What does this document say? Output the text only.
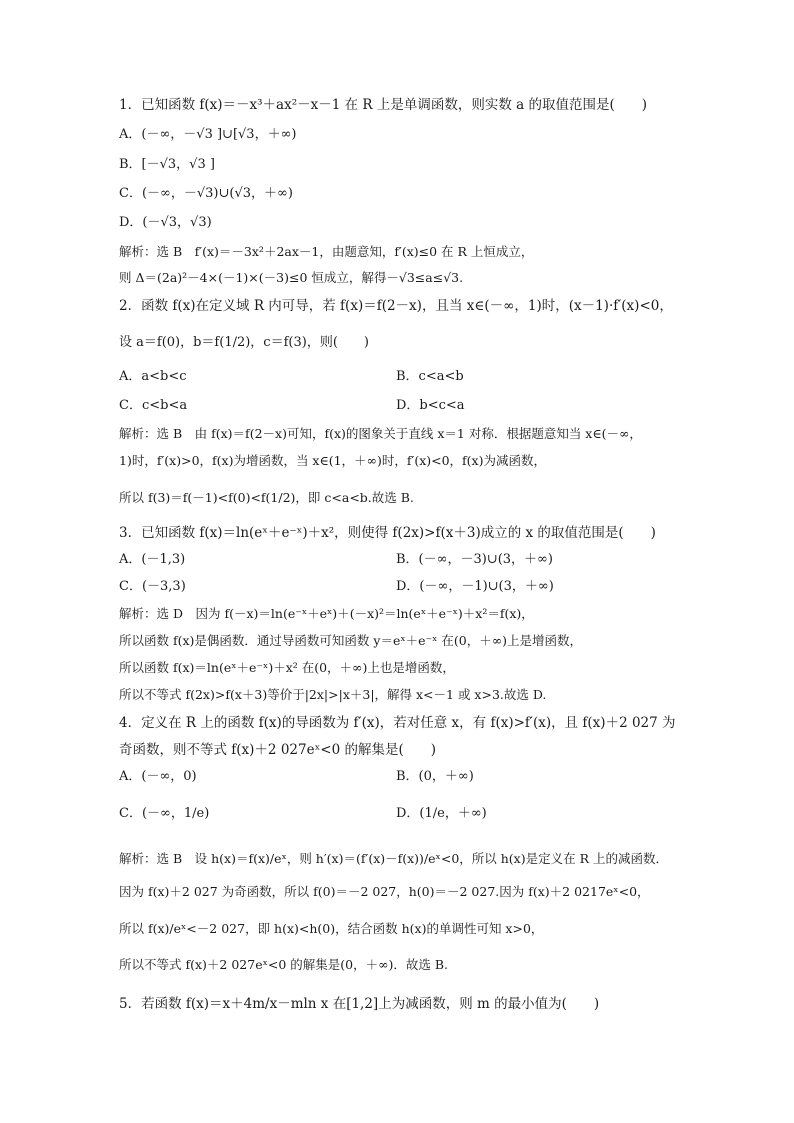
1．已知函数 f(x)＝－x³＋ax²－x－1 在 R 上是单调函数，则实数 a 的取值范围是(　　)
A．(－∞，－√3 ]∪[√3，＋∞)
B．[－√3，√3 ]
C．(－∞，－√3)∪(√3，＋∞)
D．(－√3，√3)
解析：选 B　f′(x)＝－3x²＋2ax－1，由题意知，f′(x)≤0 在 R 上恒成立，
则 Δ＝(2a)²－4×(－1)×(－3)≤0 恒成立，解得－√3≤a≤√3.
2．函数 f(x)在定义域 R 内可导，若 f(x)＝f(2－x)，且当 x∈(－∞，1)时，(x－1)·f′(x)<0，
设 a＝f(0)，b＝f(1/2)，c＝f(3)，则(　　)
A．a<b<c	B．c<a<b
C．c<b<a	D．b<c<a
解析：选 B　由 f(x)＝f(2－x)可知，f(x)的图象关于直线 x＝1 对称．根据题意知当 x∈(－∞，
1)时，f′(x)>0，f(x)为增函数，当 x∈(1，＋∞)时，f′(x)<0，f(x)为减函数，
所以 f(3)＝f(－1)<f(0)<f(1/2)，即 c<a<b.故选 B.
3．已知函数 f(x)＝ln(eˣ＋e⁻ˣ)＋x²，则使得 f(2x)>f(x＋3)成立的 x 的取值范围是(　　)
A．(－1,3)	B．(－∞，－3)∪(3，＋∞)
C．(－3,3)	D．(－∞，－1)∪(3，＋∞)
解析：选 D　因为 f(－x)＝ln(e⁻ˣ＋eˣ)＋(－x)²＝ln(eˣ＋e⁻ˣ)＋x²＝f(x)，
所以函数 f(x)是偶函数．通过导函数可知函数 y＝eˣ＋e⁻ˣ 在(0，＋∞)上是增函数，
所以函数 f(x)＝ln(eˣ＋e⁻ˣ)＋x² 在(0，＋∞)上也是增函数，
所以不等式 f(2x)>f(x＋3)等价于|2x|>|x＋3|，解得 x<－1 或 x>3.故选 D.
4．定义在 R 上的函数 f(x)的导函数为 f′(x)，若对任意 x，有 f(x)>f′(x)，且 f(x)＋2 027 为
奇函数，则不等式 f(x)＋2 027eˣ<0 的解集是(　　)
A．(－∞，0)	B．(0，＋∞)
C．(－∞，1/e)	D．(1/e，＋∞)
解析：选 B　设 h(x)＝f(x)/eˣ，则 h′(x)＝(f′(x)－f(x))/eˣ<0，所以 h(x)是定义在 R 上的减函数．
因为 f(x)＋2 027 为奇函数，所以 f(0)＝－2 027，h(0)＝－2 027.因为 f(x)＋2 0217eˣ<0，
所以 f(x)/eˣ<－2 027，即 h(x)<h(0)，结合函数 h(x)的单调性可知 x>0，
所以不等式 f(x)＋2 027eˣ<0 的解集是(0，＋∞)．故选 B.
5．若函数 f(x)＝x＋4m/x－mln x 在[1,2]上为减函数，则 m 的最小值为(　　)
